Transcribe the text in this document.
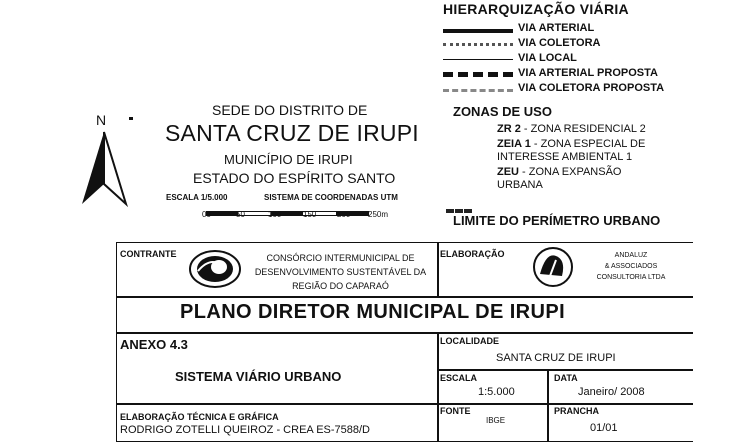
HIERARQUIZAÇÃO VIÁRIA
VIA ARTERIAL
VIA COLETORA
VIA LOCAL
VIA ARTERIAL PROPOSTA
VIA COLETORA PROPOSTA
ZONAS DE USO
ZR 2 - ZONA RESIDENCIAL 2
ZEIA 1 - ZONA ESPECIAL DE
INTERESSE AMBIENTAL 1
ZEU - ZONA EXPANSÃO
URBANA
LIMITE DO PERÍMETRO URBANO
SEDE DO DISTRITO DE
SANTA CRUZ DE IRUPI
MUNICÍPIO DE IRUPI
ESTADO DO ESPÍRITO SANTO
ESCALA 1/5.000	SISTEMA DE COORDENADAS UTM
00	50	100	150	200 250m
N
CONTRANTE	CONSÓRCIO INTERMUNICIPAL DE
DESENVOLVIMENTO SUSTENTÁVEL DA
REGIÃO DO CAPARAÓ
ELABORAÇÃO	ANDALUZ
& ASSOCIADOS
CONSULTORIA LTDA
PLANO DIRETOR MUNICIPAL DE IRUPI
ANEXO 4.3
SISTEMA VIÁRIO URBANO
LOCALIDADE
SANTA CRUZ DE IRUPI
ESCALA
1:5.000
DATA
Janeiro/ 2008
ELABORAÇÃO TÉCNICA E GRÁFICA
RODRIGO ZOTELLI QUEIROZ - CREA ES-7588/D
FONTE
IBGE
PRANCHA
01/01
